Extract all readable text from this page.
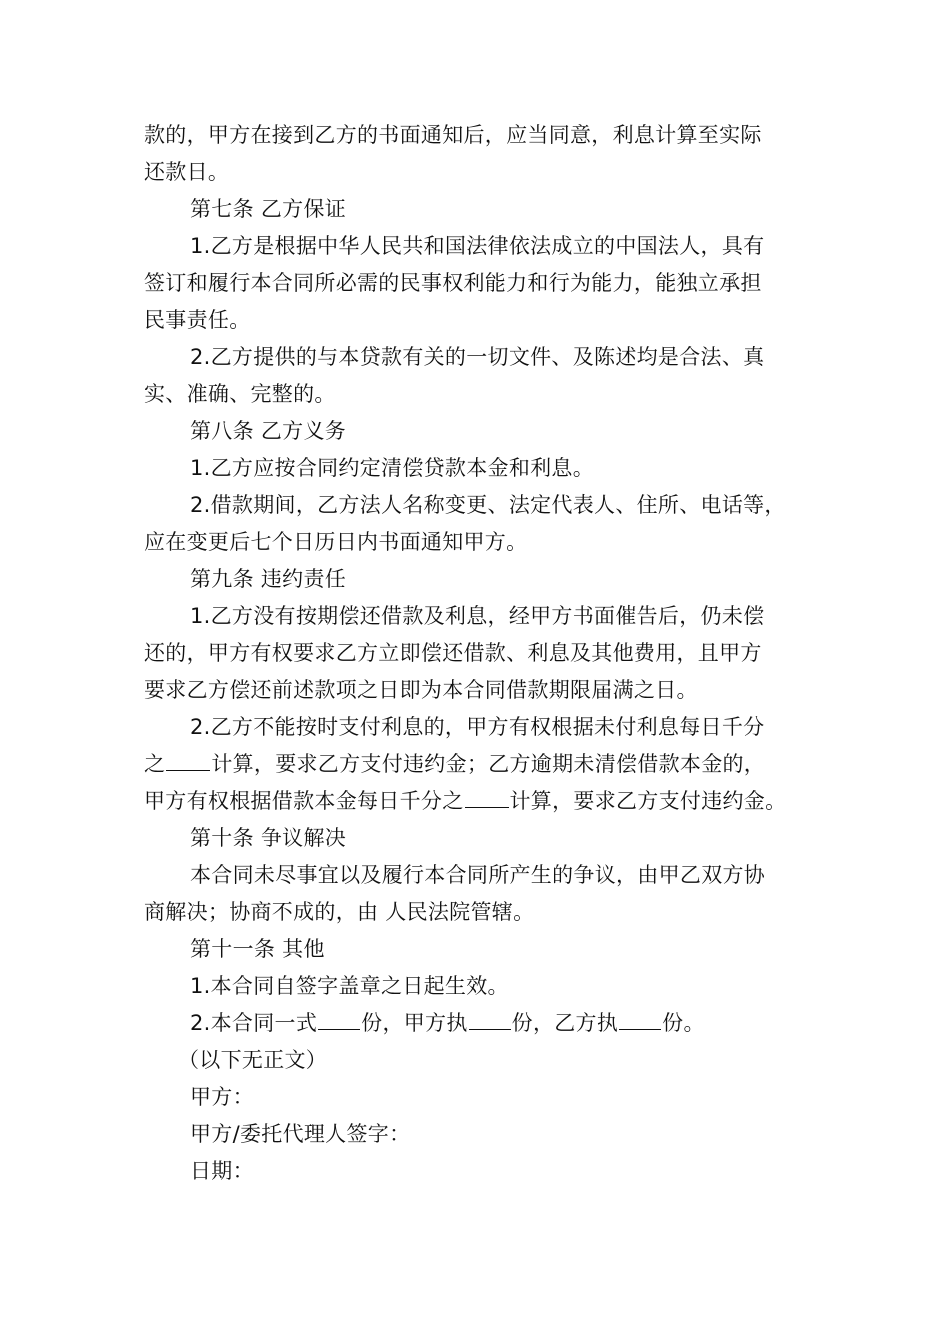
款的，甲方在接到乙方的书面通知后，应当同意，利息计算至实际
还款日。
第七条 乙方保证
1.乙方是根据中华人民共和国法律依法成立的中国法人，具有
签订和履行本合同所必需的民事权利能力和行为能力，能独立承担
民事责任。
2.乙方提供的与本贷款有关的一切文件、及陈述均是合法、真
实、准确、完整的。
第八条 乙方义务
1.乙方应按合同约定清偿贷款本金和利息。
2.借款期间，乙方法人名称变更、法定代表人、住所、电话等，
应在变更后七个日历日内书面通知甲方。
第九条 违约责任
1.乙方没有按期偿还借款及利息，经甲方书面催告后，仍未偿
还的，甲方有权要求乙方立即偿还借款、利息及其他费用，且甲方
要求乙方偿还前述款项之日即为本合同借款期限届满之日。
2.乙方不能按时支付利息的，甲方有权根据未付利息每日千分
之 计算，要求乙方支付违约金；乙方逾期未清偿借款本金的，
甲方有权根据借款本金每日千分之 计算，要求乙方支付违约金。
第十条 争议解决
本合同未尽事宜以及履行本合同所产生的争议，由甲乙双方协
商解决；协商不成的，由 人民法院管辖。
第十一条 其他
1.本合同自签字盖章之日起生效。
2.本合同一式 份，甲方执 份，乙方执 份。
（以下无正文）
甲方：
甲方/委托代理人签字：
日期：
